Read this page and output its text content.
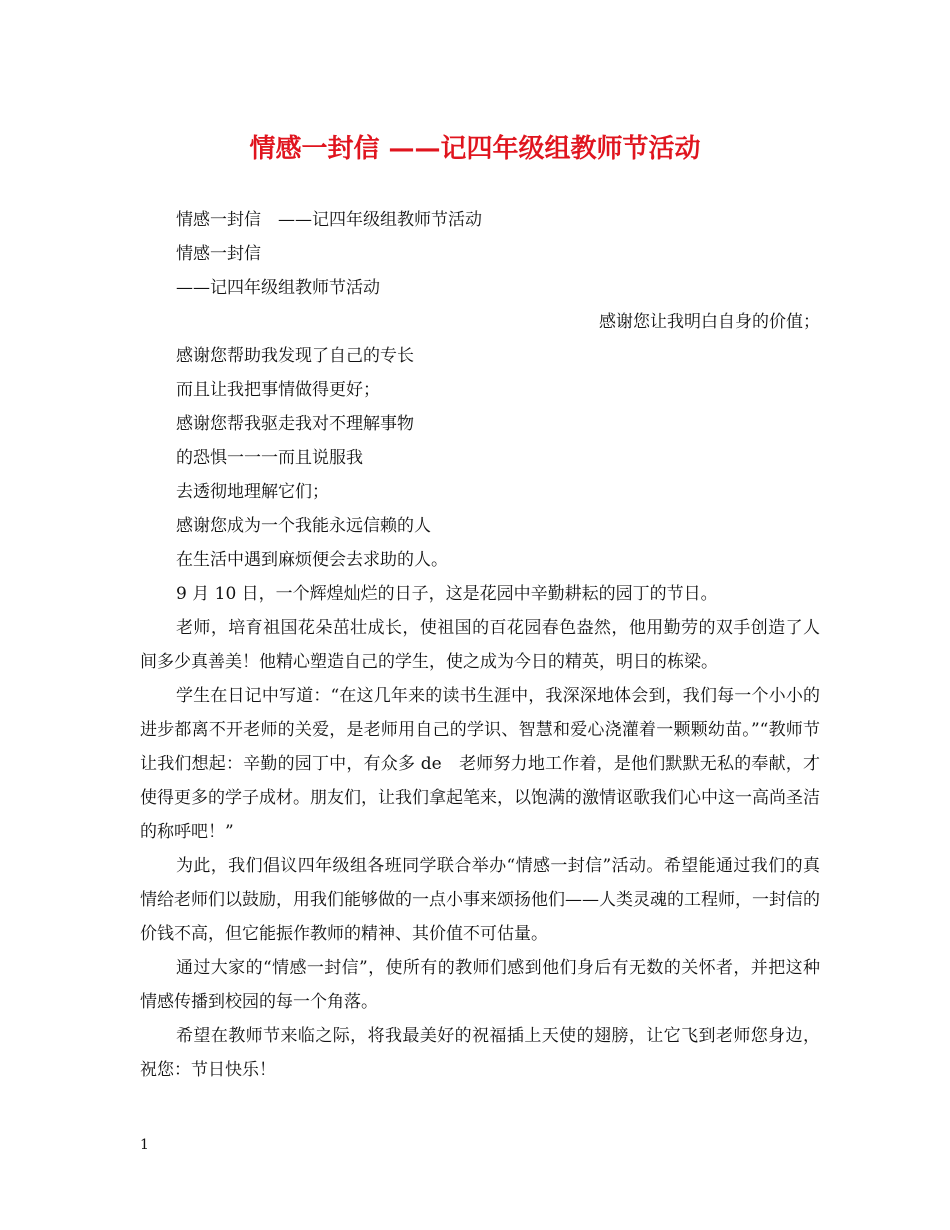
情感一封信 ——记四年级组教师节活动
情感一封信　——记四年级组教师节活动
情感一封信
——记四年级组教师节活动
感谢您让我明白自身的价值；
感谢您帮助我发现了自己的专长
而且让我把事情做得更好；
感谢您帮我驱走我对不理解事物
的恐惧一一一而且说服我
去透彻地理解它们；
感谢您成为一个我能永远信赖的人
在生活中遇到麻烦便会去求助的人。
9 月 10 日，一个辉煌灿烂的日子，这是花园中辛勤耕耘的园丁的节日。

老师，培育祖国花朵茁壮成长，使祖国的百花园春色盎然，他用勤劳的双手创造了人间多少真善美！他精心塑造自己的学生，使之成为今日的精英，明日的栋梁。

学生在日记中写道：“在这几年来的读书生涯中，我深深地体会到，我们每一个小小的进步都离不开老师的关爱，是老师用自己的学识、智慧和爱心浇灌着一颗颗幼苗。”“教师节让我们想起：辛勤的园丁中，有众多 de　老师努力地工作着，是他们默默无私的奉献，才使得更多的学子成材。朋友们，让我们拿起笔来，以饱满的激情讴歌我们心中这一高尚圣洁的称呼吧！”

为此，我们倡议四年级组各班同学联合举办“情感一封信”活动。希望能通过我们的真情给老师们以鼓励，用我们能够做的一点小事来颂扬他们——人类灵魂的工程师，一封信的价钱不高，但它能振作教师的精神、其价值不可估量。

通过大家的“情感一封信”，使所有的教师们感到他们身后有无数的关怀者，并把这种情感传播到校园的每一个角落。

希望在教师节来临之际，将我最美好的祝福插上天使的翅膀，让它飞到老师您身边，祝您：节日快乐！

1
